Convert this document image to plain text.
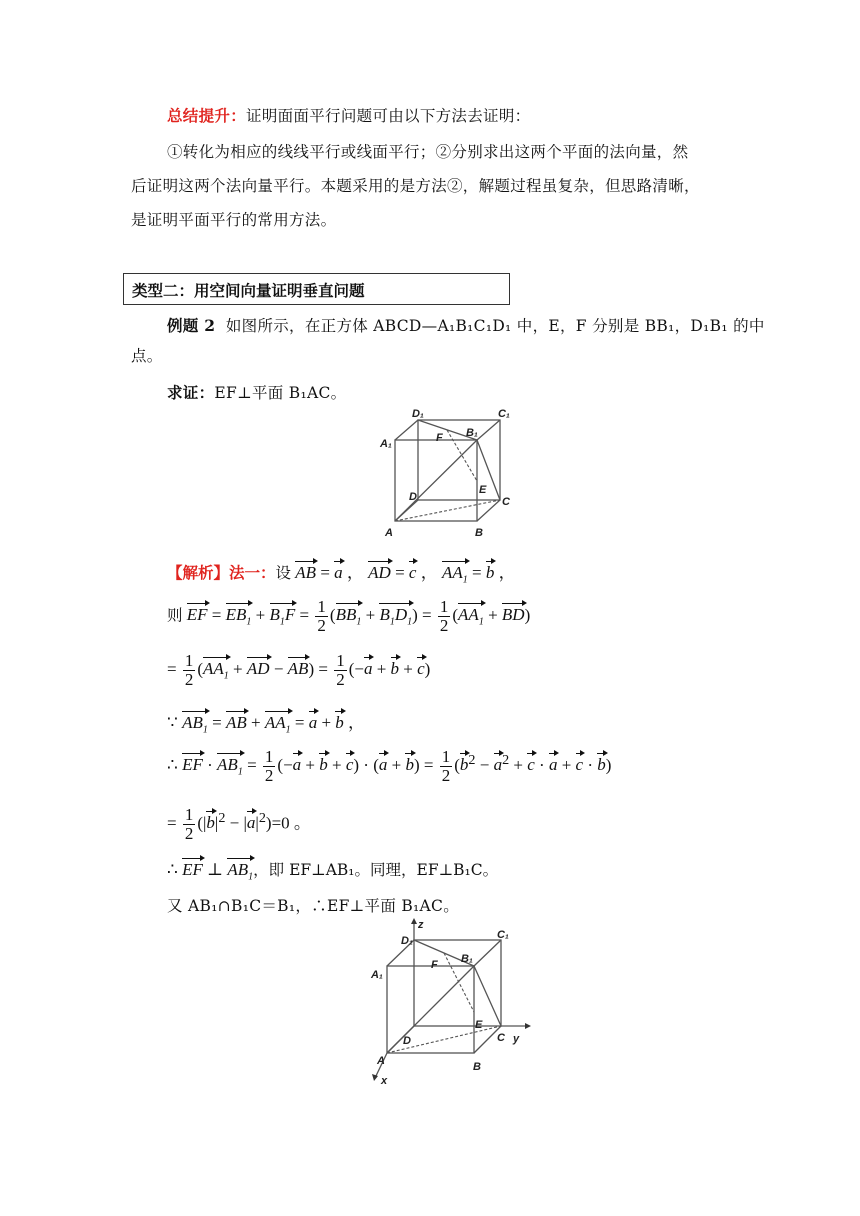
总结提升：证明面面平行问题可由以下方法去证明：
①转化为相应的线线平行或线面平行；②分别求出这两个平面的法向量，然
后证明这两个法向量平行。本题采用的是方法②，解题过程虽复杂，但思路清晰，
是证明平面平行的常用方法。
类型二：用空间向量证明垂直问题
例题 2 如图所示，在正方体 ABCD—A₁B₁C₁D₁ 中，E，F 分别是 BB₁，D₁B₁ 的中
点。
求证：EF⊥平面 B₁AC。
D₁	C₁
A₁
B₁
F
E
D	C
A	B
【解析】法一：设 AB = a ， AD = c ， $AA_1 = b$ ，
则 EF = $EB_1 + B_1F = \frac{1}{2} (BB_1 + B_1D_1) = \frac{1}{2} (AA_1 + BD)$
= $\frac{1}{2} (AA_1$ + AD − $AB) = \frac{1}{2} (-a + b + c)$
∵ $AB_1$ = AB + $AA_1 = a + b$ ，
∴ EF · $AB_1 = \frac{1}{2} (-a + b + c) \cdot (a + b) = \frac{1}{2} (b^2 - a^2 + c \cdot a + c \cdot b)$
= $\frac{1}{2} (|b|^2 - |a|^2)=0$ 。
∴ EF ⊥ $AB_1$，即 EF⊥AB₁。同理，EF⊥B₁C。
又 AB₁∩B₁C＝B₁，∴EF⊥平面 B₁AC。
z
D₁	C₁
A₁
B₁
F
E
D	C y
A	B
x
